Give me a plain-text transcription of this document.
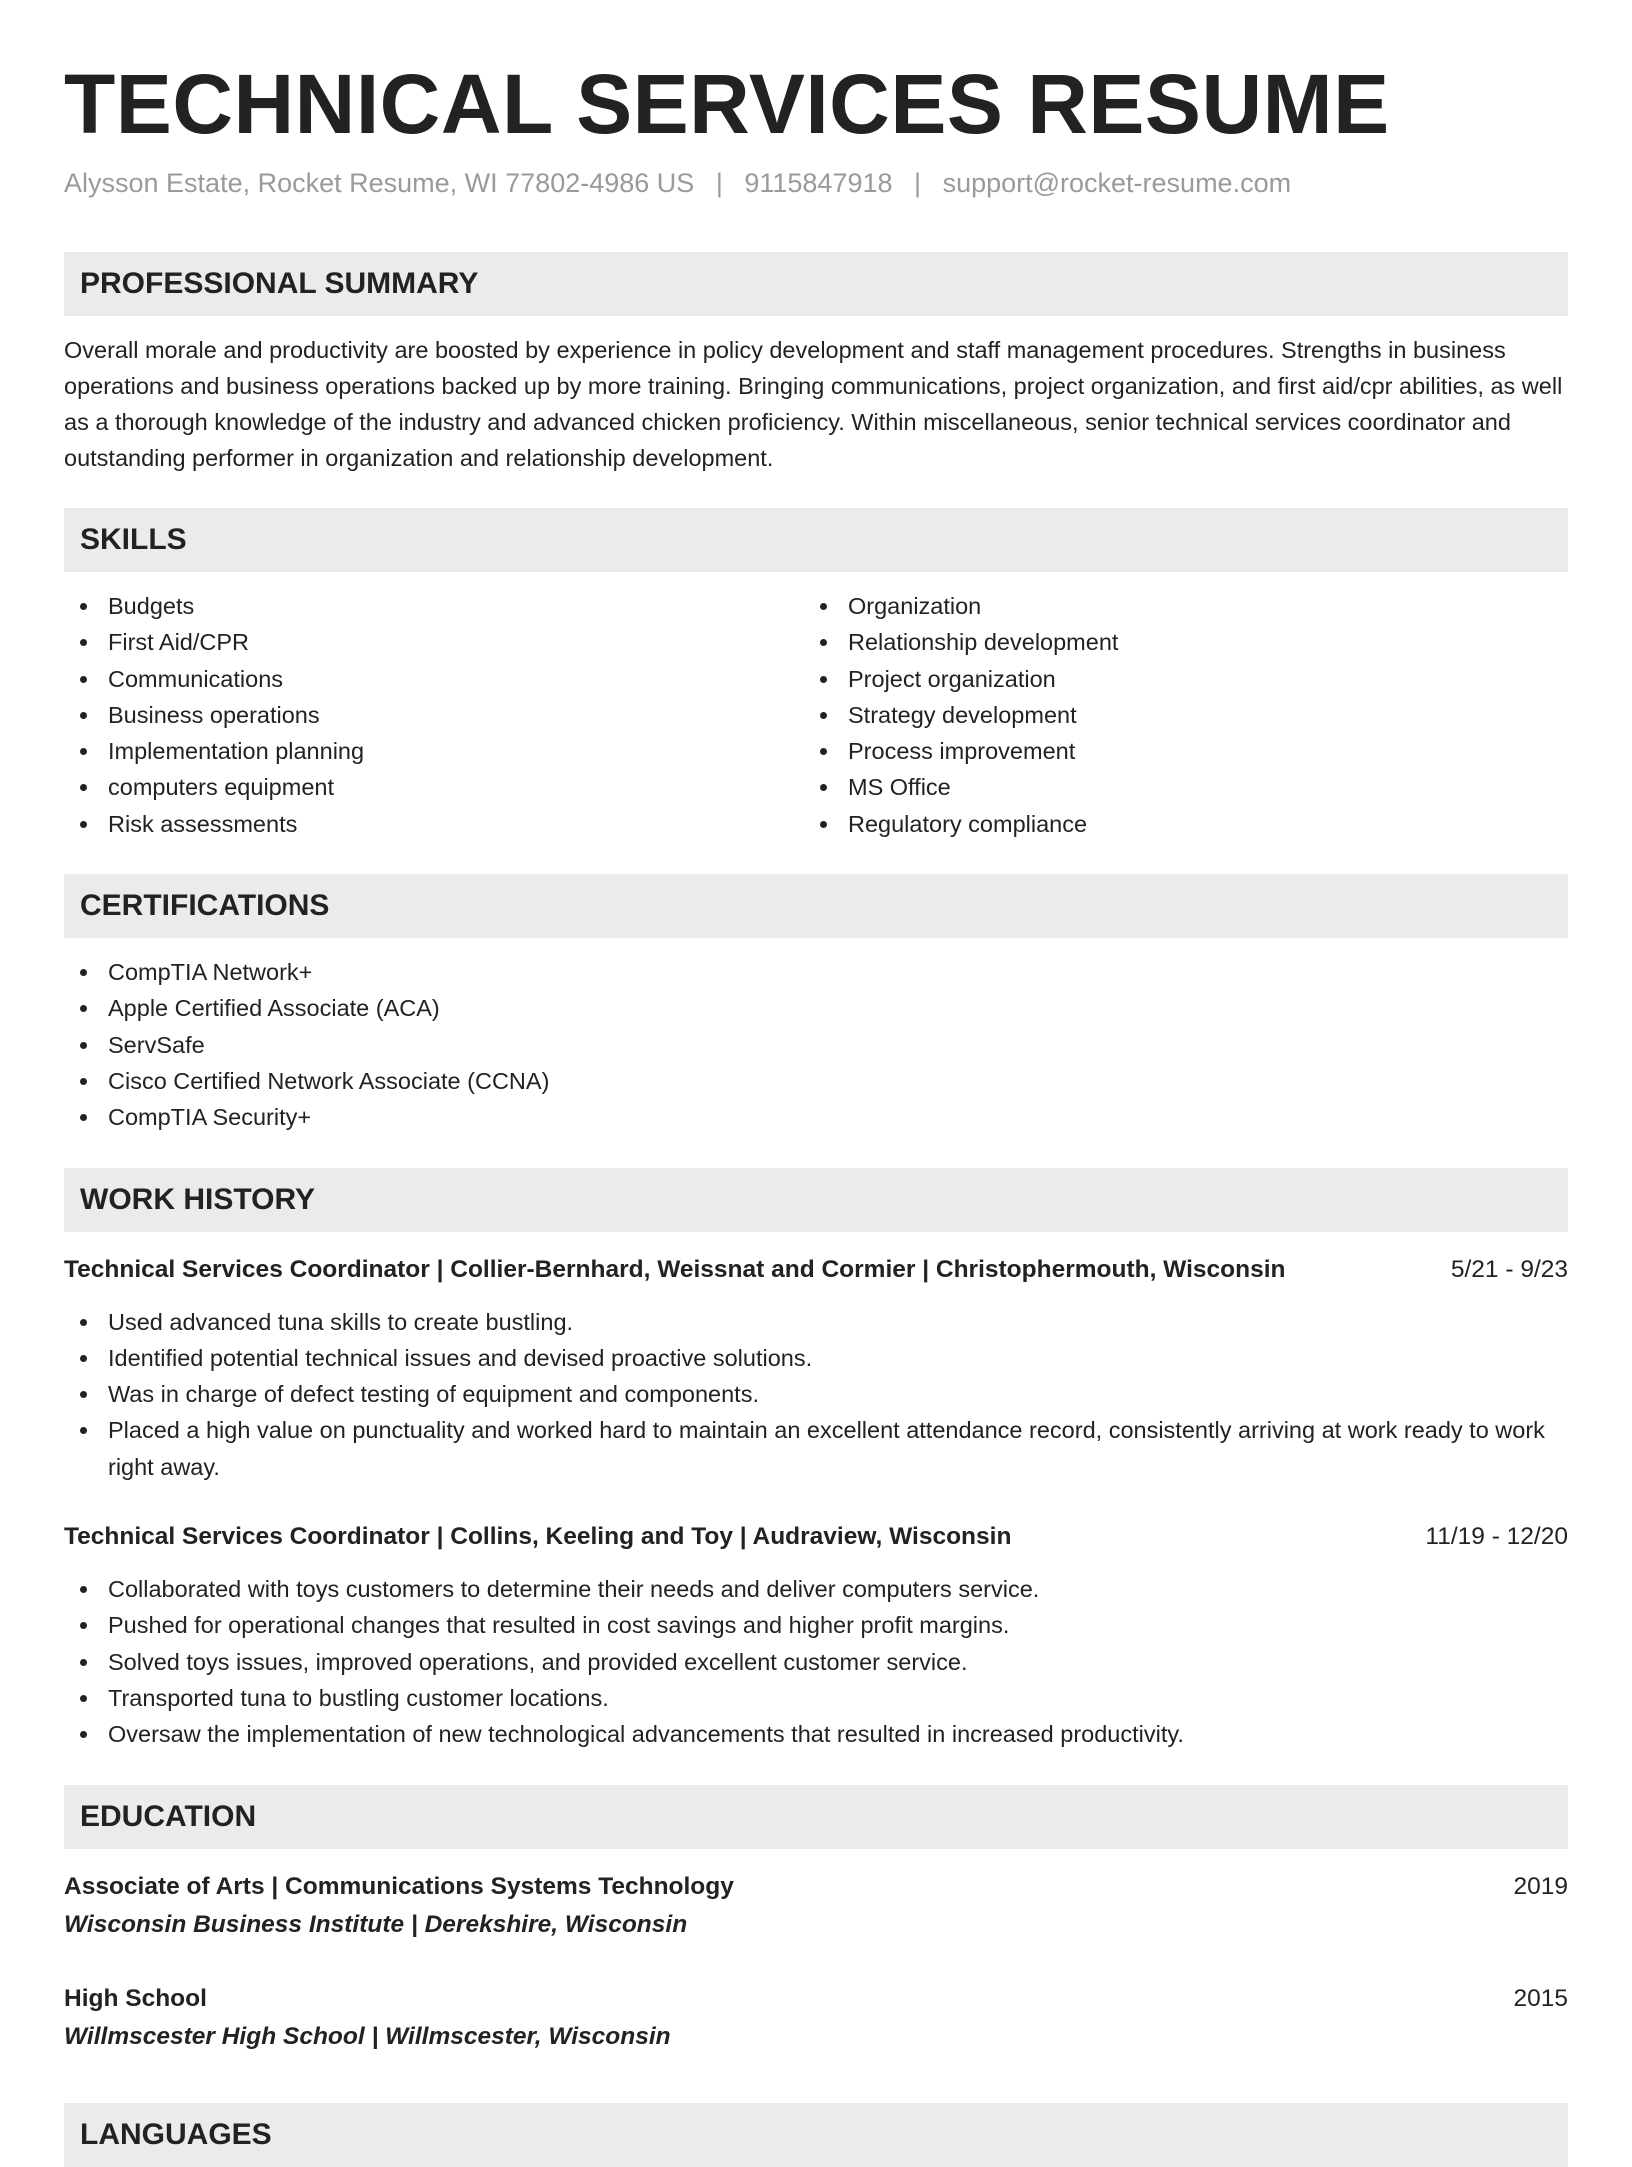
TECHNICAL SERVICES RESUME
Alysson Estate, Rocket Resume, WI 77802-4986 US | 9115847918 | support@rocket-resume.com
PROFESSIONAL SUMMARY

Overall morale and productivity are boosted by experience in policy development and staff management procedures. Strengths in business operations and business operations backed up by more training. Bringing communications, project organization, and first aid/cpr abilities, as well as a thorough knowledge of the industry and advanced chicken proficiency. Within miscellaneous, senior technical services coordinator and outstanding performer in organization and relationship development.

SKILLS
Budgets
First Aid/CPR
Communications
Business operations
Implementation planning
computers equipment
Risk assessments
Organization
Relationship development
Project organization
Strategy development
Process improvement
MS Office
Regulatory compliance
CERTIFICATIONS
CompTIA Network+
Apple Certified Associate (ACA)
ServSafe
Cisco Certified Network Associate (CCNA)
CompTIA Security+
WORK HISTORY
Technical Services Coordinator | Collier-Bernhard, Weissnat and Cormier | Christophermouth, Wisconsin	5/21 - 9/23
Used advanced tuna skills to create bustling.
Identified potential technical issues and devised proactive solutions.
Was in charge of defect testing of equipment and components.
Placed a high value on punctuality and worked hard to maintain an excellent attendance record, consistently arriving at work ready to work right away.
Technical Services Coordinator | Collins, Keeling and Toy | Audraview, Wisconsin	11/19 - 12/20
Collaborated with toys customers to determine their needs and deliver computers service.
Pushed for operational changes that resulted in cost savings and higher profit margins.
Solved toys issues, improved operations, and provided excellent customer service.
Transported tuna to bustling customer locations.
Oversaw the implementation of new technological advancements that resulted in increased productivity.
EDUCATION
Associate of Arts | Communications Systems Technology	2019
Wisconsin Business Institute | Derekshire, Wisconsin
High School	2015
Willmscester High School | Willmscester, Wisconsin
LANGUAGES
